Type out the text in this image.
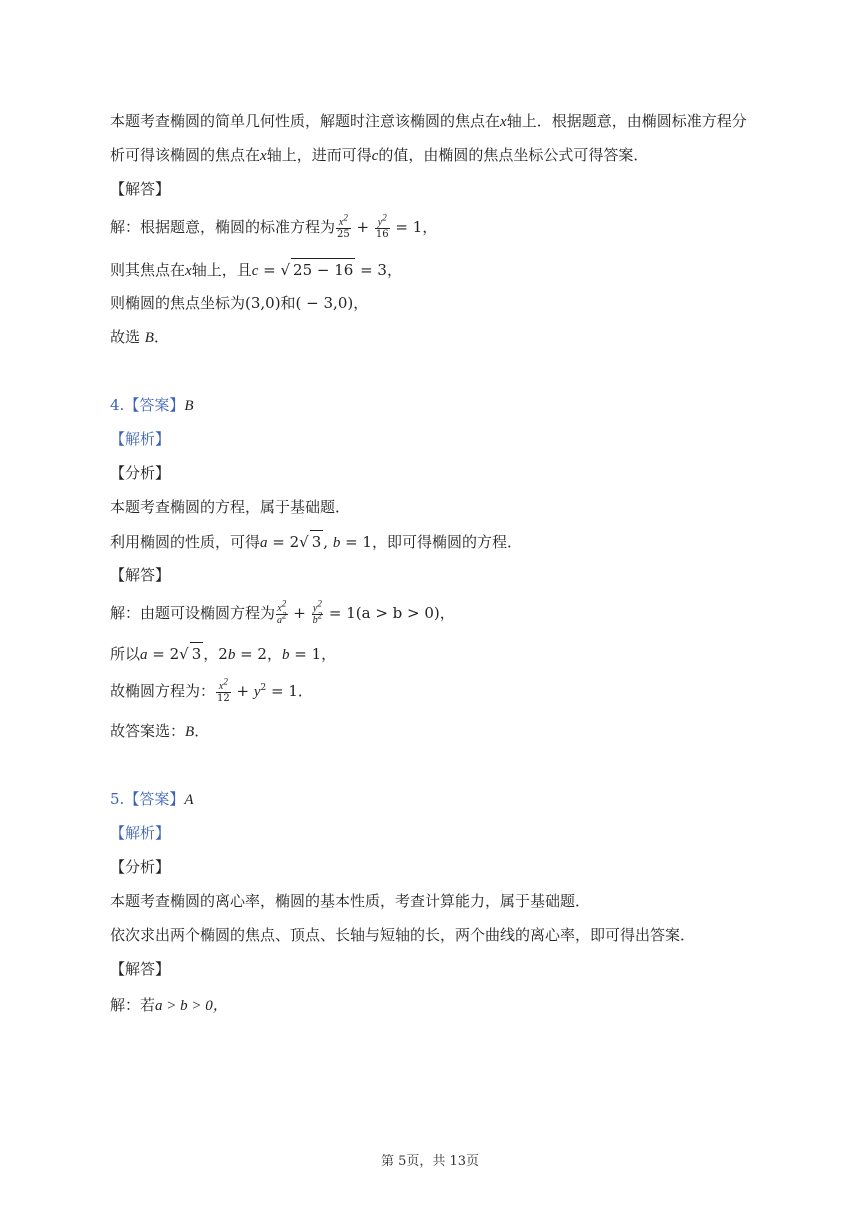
本题考查椭圆的简单几何性质，解题时注意该椭圆的焦点在x轴上．根据题意，由椭圆标准方程分
析可得该椭圆的焦点在x轴上，进而可得c的值，由椭圆的焦点坐标公式可得答案．
【解答】
解：根据题意，椭圆的标准方程为 $\frac{x^2}{25} + \frac{y^2}{16} = 1$，
则其焦点在x轴上，且c = √ 25 − 16 = 3，
则椭圆的焦点坐标为(3,0)和( − 3,0)，
故选 B．
4.【答案】B
【解析】
【分析】
本题考查椭圆的方程，属于基础题．
利用椭圆的性质，可得a = 2√ 3 , b = 1，即可得椭圆的方程．
【解答】
解：由题可设椭圆方程为 $\frac{x^2}{a^2} + \frac{y^2}{b^2} = 1(a > b > 0)$，
所以a = 2√ 3 ，2b = 2，b = 1，
故椭圆方程为： $\frac{x^2}{12} + y^2 = 1$．
故答案选：B．
5.【答案】A
【解析】
【分析】
本题考查椭圆的离心率，椭圆的基本性质，考查计算能力，属于基础题．
依次求出两个椭圆的焦点、顶点、长轴与短轴的长，两个曲线的离心率，即可得出答案．
【解答】
解：若a > b > 0，
第 5页，共 13页
